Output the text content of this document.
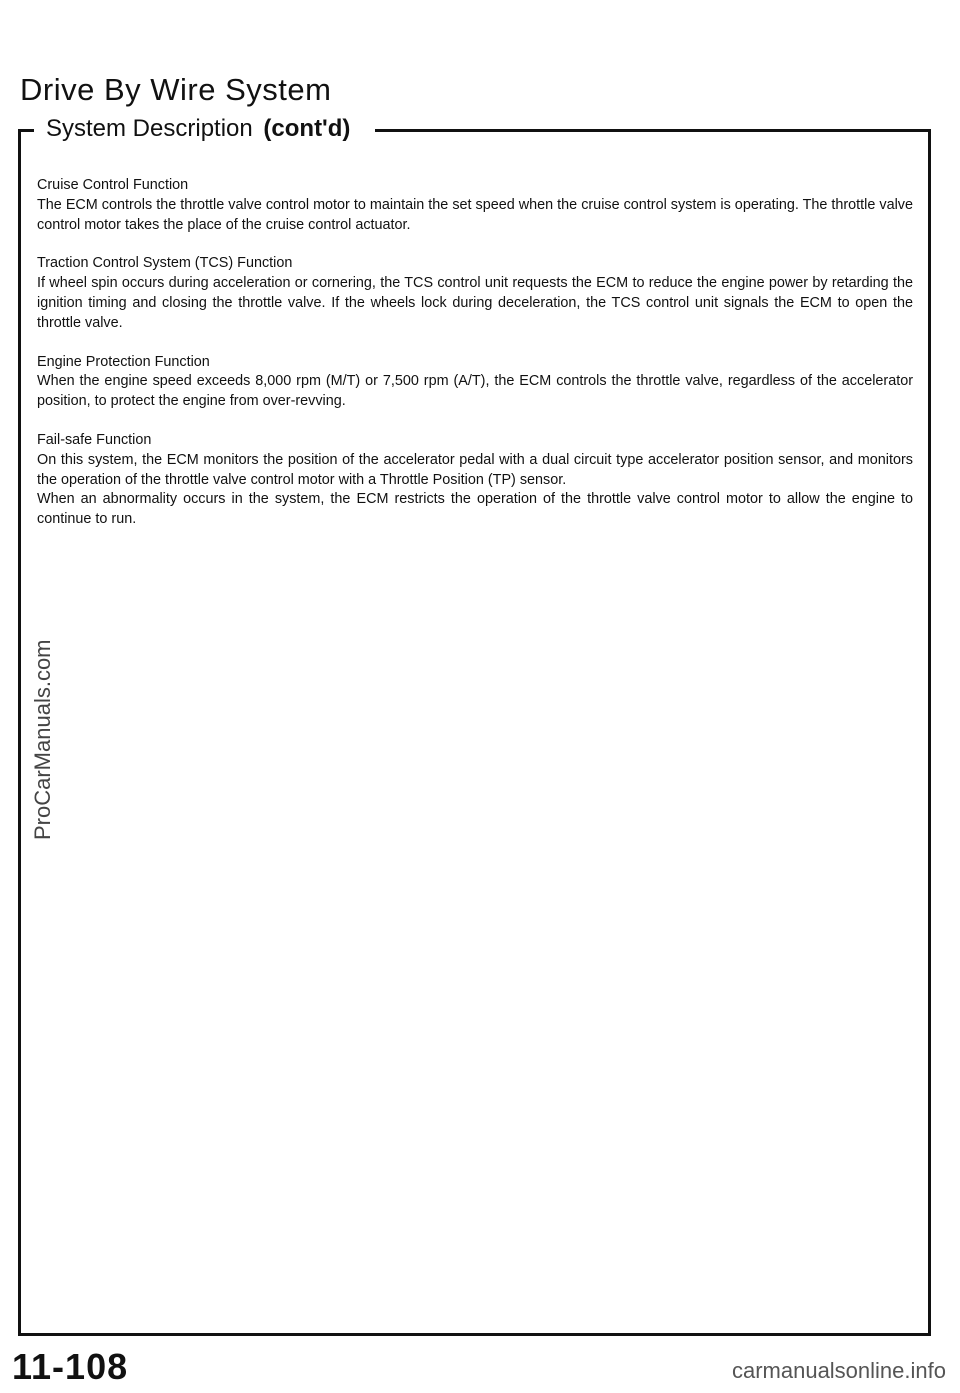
Drive By Wire System
System Description (cont'd)
Cruise Control Function
The ECM controls the throttle valve control motor to maintain the set speed when the cruise control system is operating. The throttle valve control motor takes the place of the cruise control actuator.
Traction Control System (TCS) Function
If wheel spin occurs during acceleration or cornering, the TCS control unit requests the ECM to reduce the engine power by retarding the ignition timing and closing the throttle valve. If the wheels lock during deceleration, the TCS control unit signals the ECM to open the throttle valve.
Engine Protection Function
When the engine speed exceeds 8,000 rpm (M/T) or 7,500 rpm (A/T), the ECM controls the throttle valve, regardless of the accelerator position, to protect the engine from over-revving.
Fail-safe Function
On this system, the ECM monitors the position of the accelerator pedal with a dual circuit type accelerator position sensor, and monitors the operation of the throttle valve control motor with a Throttle Position (TP) sensor.
When an abnormality occurs in the system, the ECM restricts the operation of the throttle valve control motor to allow the engine to continue to run.
ProCarManuals.com
11-108	carmanualsonline.info
